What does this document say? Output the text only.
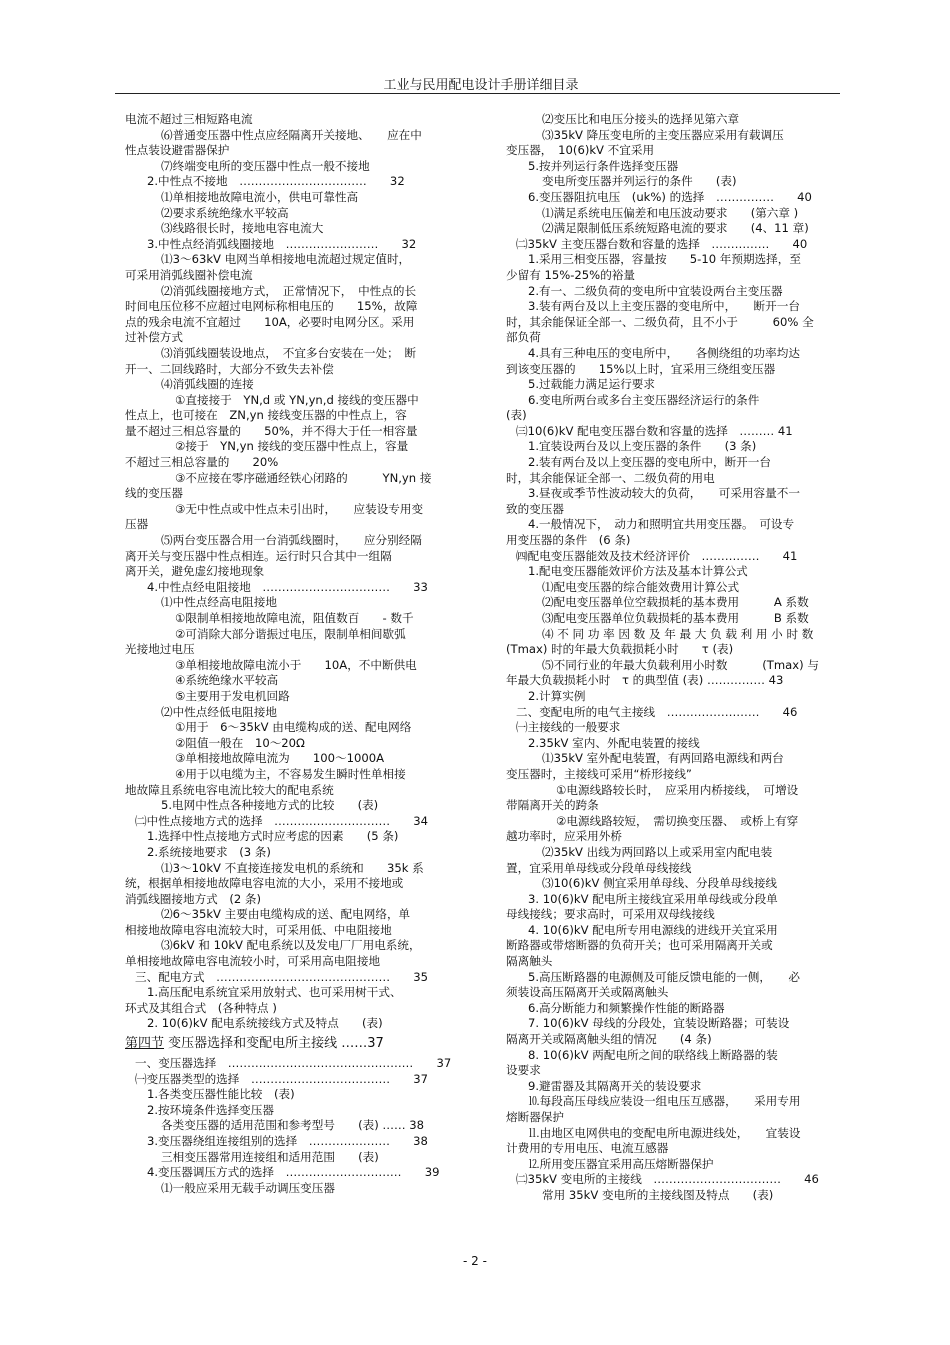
工业与民用配电设计手册详细目录
电流不超过三相短路电流
⑹普通变压器中性点应经隔离开关接地、　　应在中
性点装设避雷器保护
⑺终端变电所的变压器中性点一般不接地
2.中性点不接地　……………………………　　32
⑴单相接地故障电流小，供电可靠性高
⑵要求系统绝缘水平较高
⑶线路很长时，接地电容电流大
3.中性点经消弧线圈接地　……………………　　32
⑴3～63kV 电网当单相接地电流超过规定值时，
可采用消弧线圈补偿电流
⑵消弧线圈接地方式，　正常情况下，　中性点的长
时间电压位移不应超过电网标称相电压的　　15%，故障
点的残余电流不宜超过　　10A，必要时电网分区。采用
过补偿方式
⑶消弧线圈装设地点，　不宜多台安装在一处；　断
开一、二回线路时，大部分不致失去补偿
⑷消弧线圈的连接
①直接接于　YN,d 或 YN,yn,d 接线的变压器中
性点上，也可接在　ZN,yn 接线变压器的中性点上，容
量不超过三相总容量的　　50%，并不得大于任一相容量
②接于　YN,yn 接线的变压器中性点上，容量
不超过三相总容量的　　20%
③不应接在零序磁通经铁心闭路的　　　YN,yn 接
线的变压器
③无中性点或中性点未引出时，　　应装设专用变
压器
⑸两台变压器合用一台消弧线圈时，　　应分别经隔
离开关与变压器中性点相连。运行时只合其中一组隔
离开关，避免虚幻接地现象
4.中性点经电阻接地　……………………………　　33
⑴中性点经高电阻接地
①限制单相接地故障电流，阻值数百　　- 数千
②可消除大部分谐振过电压，限制单相间歇弧
光接地过电压
③单相接地故障电流小于　　10A，不中断供电
④系统绝缘水平较高
⑤主要用于发电机回路
⑵中性点经低电阻接地
①用于　6～35kV 由电缆构成的送、配电网络
②阻值一般在　10～20Ω
③单相接地故障电流为　　100～1000A
④用于以电缆为主，不容易发生瞬时性单相接
地故障且系统电容电流比较大的配电系统
5.电网中性点各种接地方式的比较　　(表)
㈡中性点接地方式的选择　…………………………　　34
1.选择中性点接地方式时应考虑的因素　　(5 条)
2.系统接地要求　(3 条)
⑴3～10kV 不直接连接发电机的系统和　　35k 系
统，根据单相接地故障电容电流的大小，采用不接地或
消弧线圈接地方式　(2 条)
⑵6～35kV 主要由电缆构成的送、配电网络，单
相接地故障电容电流较大时，可采用低、中电阻接地
⑶6kV 和 10kV 配电系统以及发电厂厂用电系统，
单相接地故障电容电流较小时，可采用高电阻接地
三、配电方式　………………………………………　　35
1.高压配电系统宜采用放射式、也可采用树干式、
环式及其组合式　(各种特点 )
2. 10(6)kV 配电系统接线方式及特点　　(表)
第四节 变压器选择和变配电所主接线 ……37
一、变压器选择　…………………………………………　　37
㈠变压器类型的选择　………………………………　　37
1.各类变压器性能比较　(表)
2.按环境条件选择变压器
各类变压器的适用范围和参考型号　　(表) …… 38
3.变压器绕组连接组别的选择　…………………　　38
三相变压器常用连接组和适用范围　　(表)
4.变压器调压方式的选择　…………………………　　39
⑴一般应采用无载手动调压变压器
⑵变压比和电压分接头的选择见第六章
⑶35kV 降压变电所的主变压器应采用有载调压
变压器，　10(6)kV 不宜采用
5.按并列运行条件选择变压器
变电所变压器并列运行的条件　　(表)
6.变压器阻抗电压　(uk%) 的选择　……………　　40
⑴满足系统电压偏差和电压波动要求　　(第六章 )
⑵满足限制低压系统短路电流的要求　　(4、11 章)
㈡35kV 主变压器台数和容量的选择　……………　　40
1.采用三相变压器，容量按　　5-10 年预期选择，至
少留有 15%-25%的裕量
2.有一、二级负荷的变电所中宜装设两台主变压器
3.装有两台及以上主变压器的变电所中，　　断开一台
时，其余能保证全部一、二级负荷，且不小于　　　60% 全
部负荷
4.具有三种电压的变电所中，　　各侧绕组的功率均达
到该变压器的　　15%以上时，宜采用三绕组变压器
5.过载能力满足运行要求
6.变电所两台或多台主变压器经济运行的条件
(表)
㈢10(6)kV 配电变压器台数和容量的选择　……… 41
1.宜装设两台及以上变压器的条件　　(3 条)
2.装有两台及以上变压器的变电所中，断开一台
时，其余能保证全部一、二级负荷的用电
3.昼夜或季节性波动较大的负荷，　　可采用容量不一
致的变压器
4.一般情况下，　动力和照明宜共用变压器。　可设专
用变压器的条件　(6 条)
㈣配电变压器能效及技术经济评价　……………　　41
1.配电变压器能效评价方法及基本计算公式
⑴配电变压器的综合能效费用计算公式
⑵配电变压器单位空载损耗的基本费用　　　A 系数
⑶配电变压器单位负载损耗的基本费用　　　B 系数
⑷ 不 同 功 率 因 数 及 年 最 大 负 载 利 用 小 时 数
(Tmax) 时的年最大负载损耗小时　　τ (表)
⑸不同行业的年最大负载利用小时数　　　(Tmax) 与
年最大负载损耗小时　τ 的典型值 (表) …………… 43
2.计算实例
二、变配电所的电气主接线　……………………　　46
㈠主接线的一般要求
2.35kV 室内、外配电装置的接线
⑴35kV 室外配电装置，有两回路电源线和两台
变压器时，主接线可采用“桥形接线”
①电源线路较长时，　应采用内桥接线，　可增设
带隔离开关的跨条
②电源线路较短，　需切换变压器、　或桥上有穿
越功率时，应采用外桥
⑵35kV 出线为两回路以上或采用室内配电装
置，宜采用单母线或分段单母线接线
⑶10(6)kV 侧宜采用单母线、分段单母线接线
3. 10(6)kV 配电所主接线宜采用单母线或分段单
母线接线；要求高时，可采用双母线接线
4. 10(6)kV 配电所专用电源线的进线开关宜采用
断路器或带熔断器的负荷开关；也可采用隔离开关或
隔离触头
5.高压断路器的电源侧及可能反馈电能的一侧，　　必
须装设高压隔离开关或隔离触头
6.高分断能力和频繁操作性能的断路器
7. 10(6)kV 母线的分段处，宜装设断路器；可装设
隔离开关或隔离触头组的情况　　(4 条)
8. 10(6)kV 两配电所之间的联络线上断路器的装
设要求
9.避雷器及其隔离开关的装设要求
⒑每段高压母线应装设一组电压互感器，　　采用专用
熔断器保护
⒒由地区电网供电的变配电所电源进线处，　　宜装设
计费用的专用电压、电流互感器
⒓所用变压器宜采用高压熔断器保护
㈡35kV 变电所的主接线　……………………………　　46
常用 35kV 变电所的主接线图及特点　　(表)
- 2 -
